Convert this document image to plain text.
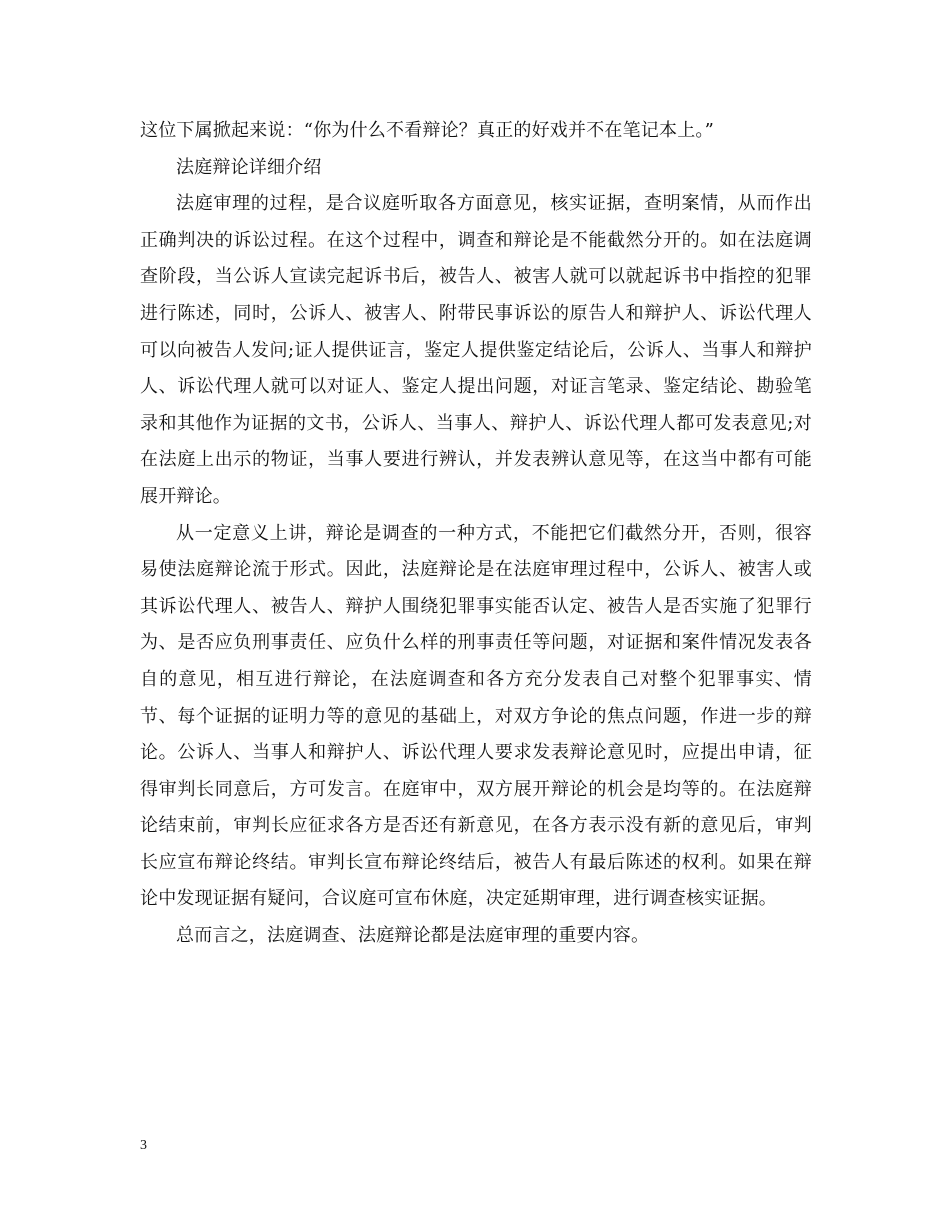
这位下属掀起来说：“你为什么不看辩论？真正的好戏并不在笔记本上。”

法庭辩论详细介绍

法庭审理的过程，是合议庭听取各方面意见，核实证据，查明案情，从而作出正确判决的诉讼过程。在这个过程中，调查和辩论是不能截然分开的。如在法庭调查阶段，当公诉人宣读完起诉书后，被告人、被害人就可以就起诉书中指控的犯罪进行陈述，同时，公诉人、被害人、附带民事诉讼的原告人和辩护人、诉讼代理人可以向被告人发问;证人提供证言，鉴定人提供鉴定结论后，公诉人、当事人和辩护人、诉讼代理人就可以对证人、鉴定人提出问题，对证言笔录、鉴定结论、勘验笔录和其他作为证据的文书，公诉人、当事人、辩护人、诉讼代理人都可发表意见;对在法庭上出示的物证，当事人要进行辨认，并发表辨认意见等，在这当中都有可能展开辩论。

从一定意义上讲，辩论是调查的一种方式，不能把它们截然分开，否则，很容易使法庭辩论流于形式。因此，法庭辩论是在法庭审理过程中，公诉人、被害人或其诉讼代理人、被告人、辩护人围绕犯罪事实能否认定、被告人是否实施了犯罪行为、是否应负刑事责任、应负什么样的刑事责任等问题，对证据和案件情况发表各自的意见，相互进行辩论，在法庭调查和各方充分发表自己对整个犯罪事实、情节、每个证据的证明力等的意见的基础上，对双方争论的焦点问题，作进一步的辩论。公诉人、当事人和辩护人、诉讼代理人要求发表辩论意见时，应提出申请，征得审判长同意后，方可发言。在庭审中，双方展开辩论的机会是均等的。在法庭辩论结束前，审判长应征求各方是否还有新意见，在各方表示没有新的意见后，审判长应宣布辩论终结。审判长宣布辩论终结后，被告人有最后陈述的权利。如果在辩论中发现证据有疑问，合议庭可宣布休庭，决定延期审理，进行调查核实证据。

总而言之，法庭调查、法庭辩论都是法庭审理的重要内容。

3
